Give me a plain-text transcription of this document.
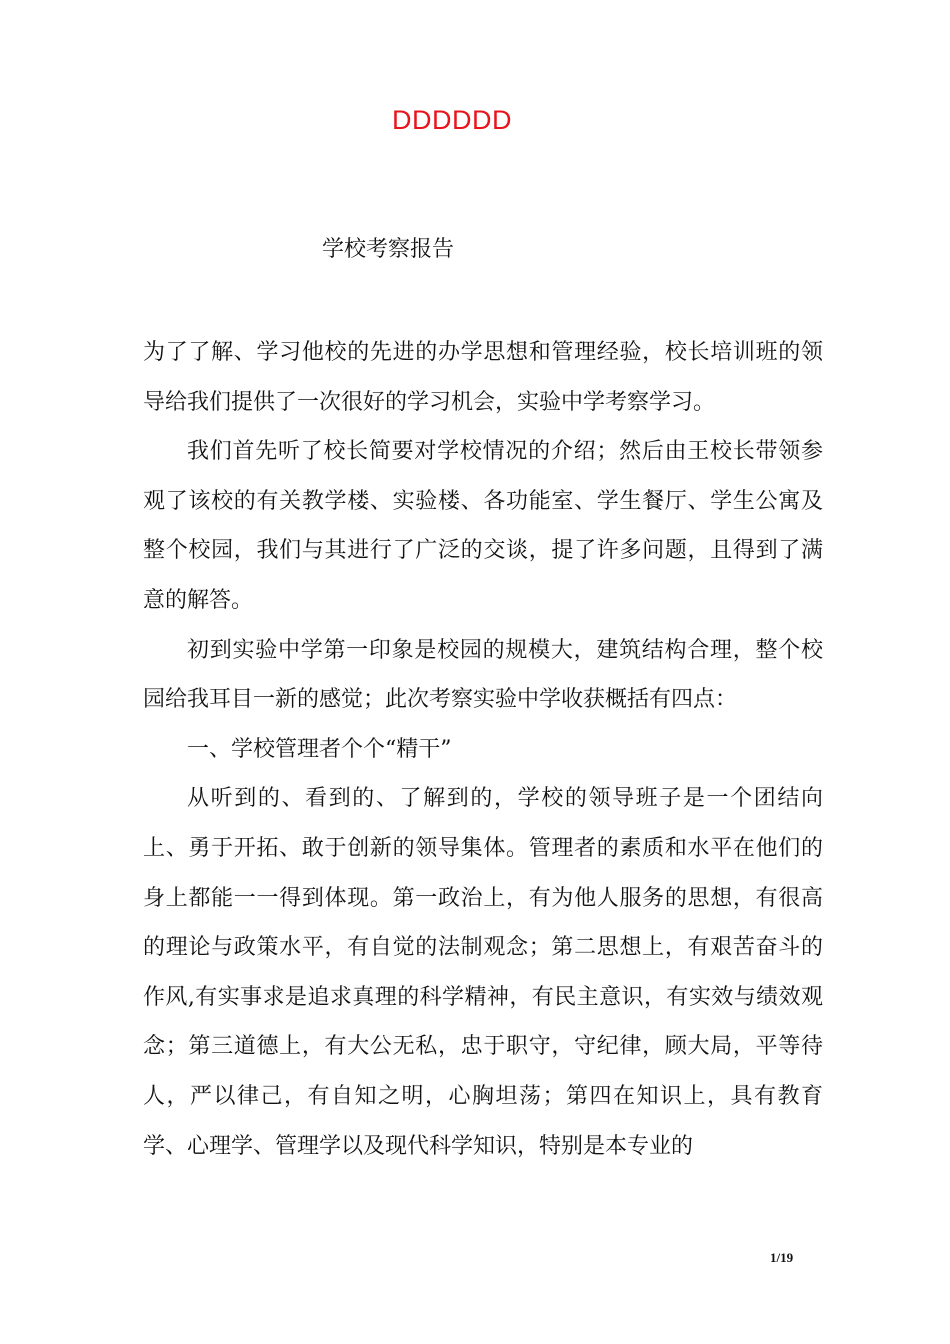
DDDDDD
学校考察报告

为了了解、学习他校的先进的办学思想和管理经验，校长培训班的领导给我们提供了一次很好的学习机会，实验中学考察学习。

我们首先听了校长简要对学校情况的介绍；然后由王校长带领参观了该校的有关教学楼、实验楼、各功能室、学生餐厅、学生公寓及整个校园，我们与其进行了广泛的交谈，提了许多问题，且得到了满意的解答。

初到实验中学第一印象是校园的规模大，建筑结构合理，整个校园给我耳目一新的感觉；此次考察实验中学收获概括有四点：

一、学校管理者个个“精干”

从听到的、看到的、了解到的，学校的领导班子是一个团结向上、勇于开拓、敢于创新的领导集体。管理者的素质和水平在他们的身上都能一一得到体现。第一政治上，有为他人服务的思想，有很高的理论与政策水平，有自觉的法制观念；第二思想上，有艰苦奋斗的作风,有实事求是追求真理的科学精神，有民主意识，有实效与绩效观念；第三道德上，有大公无私，忠于职守，守纪律，顾大局，平等待人，严以律己，有自知之明，心胸坦荡；第四在知识上，具有教育学、心理学、管理学以及现代科学知识，特别是本专业的

1/19
